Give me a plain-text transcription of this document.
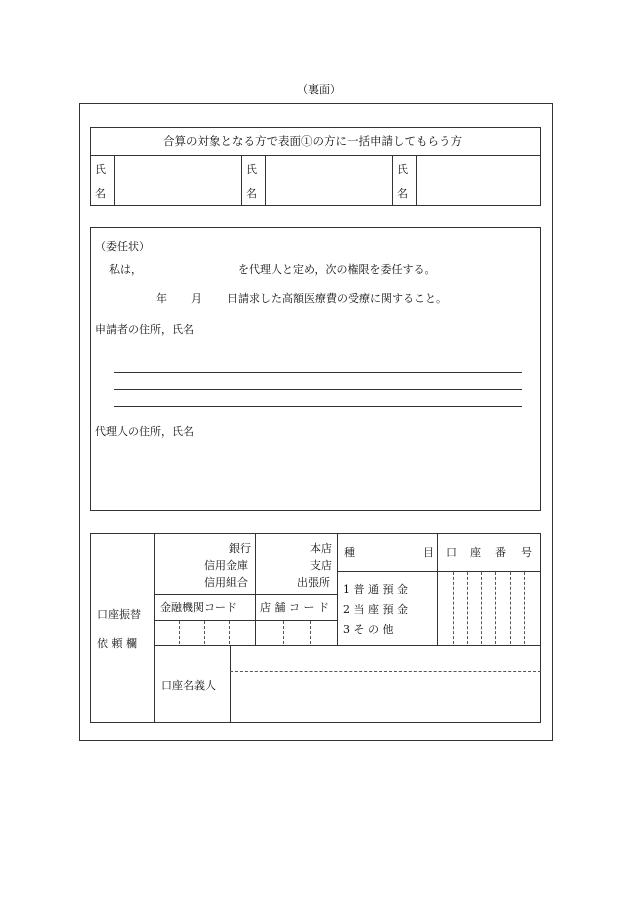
（裏面）
合算の対象となる方で表面①の方に一括申請してもらう方
氏
名
氏
名
氏
名
（委任状）
私は，	を代理人と定め，次の権限を委任する。
年 月 日請求した高額医療費の受療に関すること。
申請者の住所，氏名
代理人の住所，氏名
口座振替
依 頼 欄
銀行
信用金庫
信用組合
本店
支店
出張所
種	目 口 座 番 号
1 普 通 預 金
2 当 座 預 金
3 そ の 他
金融機関コード 店 舗 コ ー ド
口座名義人
